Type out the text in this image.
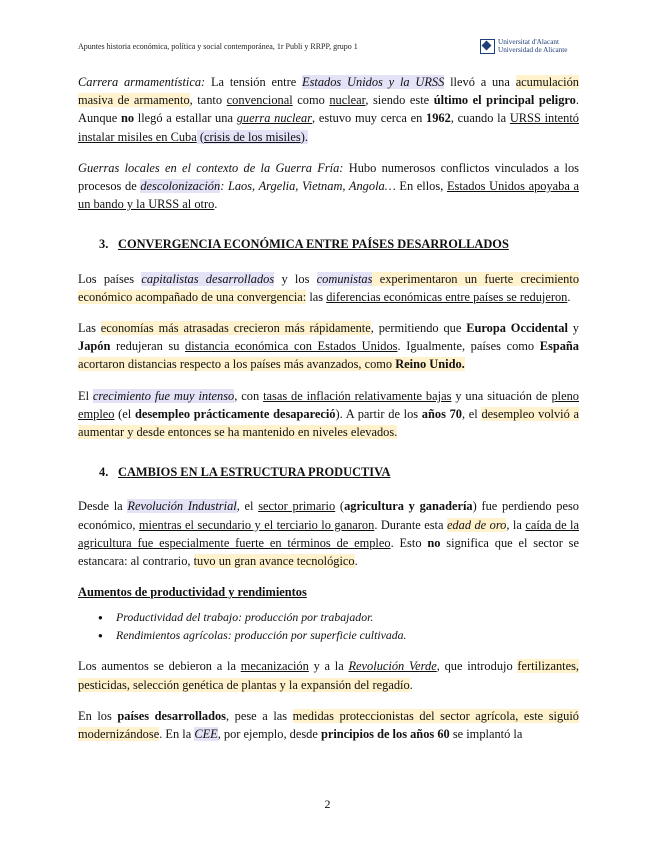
Apuntes historia económica, política y social contemporánea, 1r Publi y RRPP, grupo 1	Universitat d'Alacant
Universidad de Alicante

Carrera armamentística: La tensión entre Estados Unidos y la URSS llevó a una acumulación masiva de armamento, tanto convencional como nuclear, siendo este último el principal peligro. Aunque no llegó a estallar una guerra nuclear, estuvo muy cerca en 1962, cuando la URSS intentó instalar misiles en Cuba (crisis de los misiles).

Guerras locales en el contexto de la Guerra Fría: Hubo numerosos conflictos vinculados a los procesos de descolonización: Laos, Argelia, Vietnam, Angola… En ellos, Estados Unidos apoyaba a un bando y la URSS al otro.

3. CONVERGENCIA ECONÓMICA ENTRE PAÍSES DESARROLLADOS

Los países capitalistas desarrollados y los comunistas experimentaron un fuerte crecimiento económico acompañado de una convergencia: las diferencias económicas entre países se redujeron.

Las economías más atrasadas crecieron más rápidamente, permitiendo que Europa Occidental y Japón redujeran su distancia económica con Estados Unidos. Igualmente, países como España acortaron distancias respecto a los países más avanzados, como Reino Unido.

El crecimiento fue muy intenso, con tasas de inflación relativamente bajas y una situación de pleno empleo (el desempleo prácticamente desapareció). A partir de los años 70, el desempleo volvió a aumentar y desde entonces se ha mantenido en niveles elevados.

4. CAMBIOS EN LA ESTRUCTURA PRODUCTIVA

Desde la Revolución Industrial, el sector primario (agricultura y ganadería) fue perdiendo peso económico, mientras el secundario y el terciario lo ganaron. Durante esta edad de oro, la caída de la agricultura fue especialmente fuerte en términos de empleo. Esto no significa que el sector se estancara: al contrario, tuvo un gran avance tecnológico.

Aumentos de productividad y rendimientos
● Productividad del trabajo: producción por trabajador.
● Rendimientos agrícolas: producción por superficie cultivada.

Los aumentos se debieron a la mecanización y a la Revolución Verde, que introdujo fertilizantes, pesticidas, selección genética de plantas y la expansión del regadío.

En los países desarrollados, pese a las medidas proteccionistas del sector agrícola, este siguió modernizándose. En la CEE, por ejemplo, desde principios de los años 60 se implantó la

2
